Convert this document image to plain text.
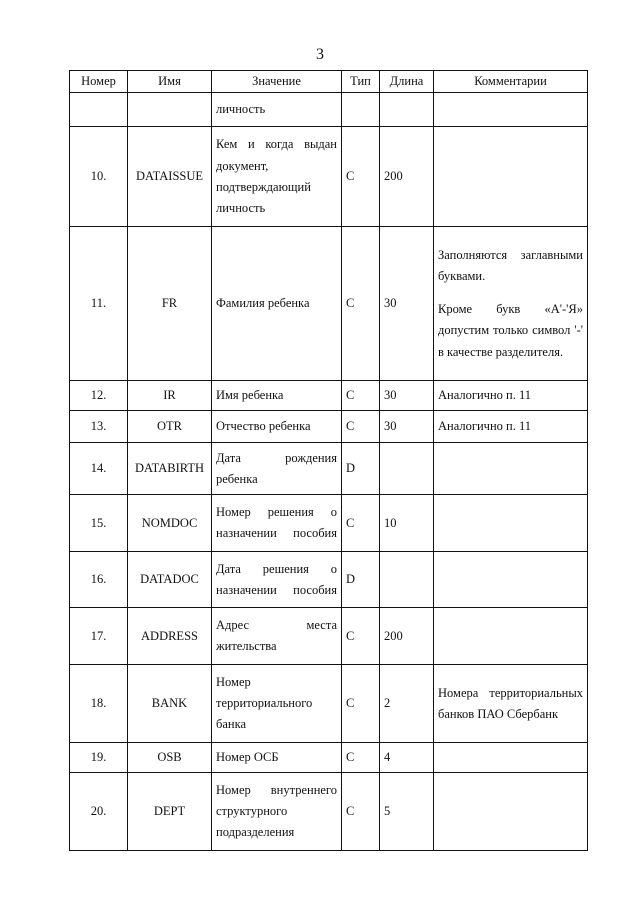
3
Номер	Имя	Значение	Тип	Длина	Комментарии
		личность			
10.	DATAISSUE	Кем и когда выдан документ, подтверждающий личность	C	200	
11.	FR	Фамилия ребенка	C	30	Заполняются заглавными буквами.

Кроме букв «А'-'Я» допустим только символ '-' в качестве разделителя.

12.	IR	Имя ребенка	C	30	Аналогично п. 11
13.	OTR	Отчество ребенка	C	30	Аналогично п. 11
14.	DATABIRTH	Дата рождения ребенка	D		
15.	NOMDOC	Номер решения о назначении пособия	C	10	
16.	DATADOC	Дата решения о назначении пособия	D		
17.	ADDRESS	Адрес места жительства	C	200	
18.	BANK	Номер территориального банка	C	2	Номера территориальных банков ПАО Сбербанк
19.	OSB	Номер ОСБ	C	4	
20.	DEPT	Номер внутреннего структурного подразделения	C	5	
